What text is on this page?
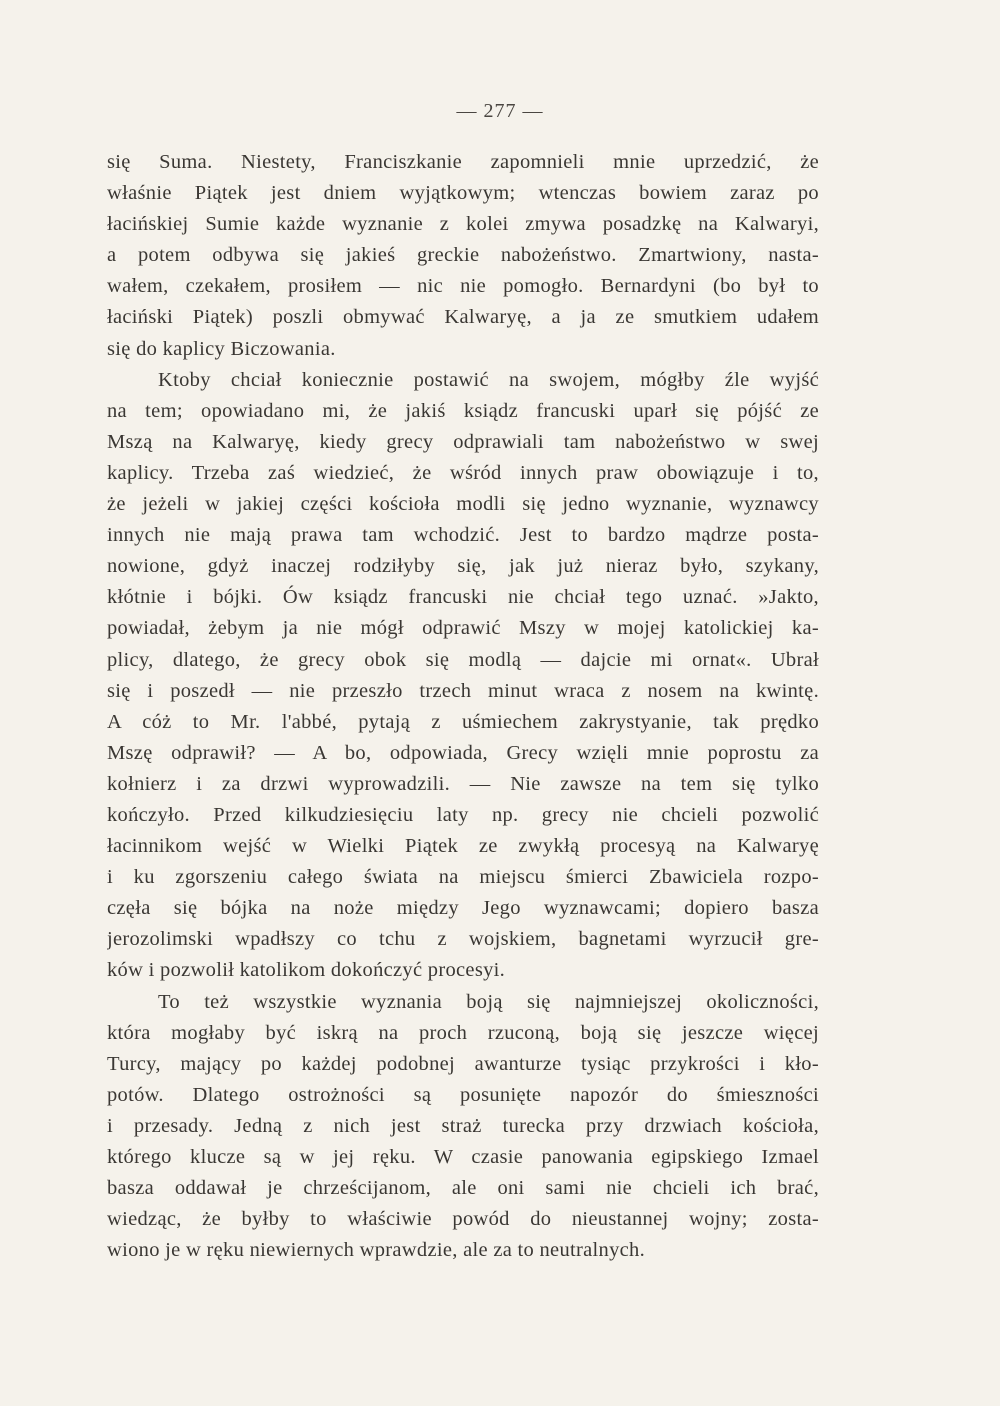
— 277 —
się Suma. Niestety, Franciszkanie zapomnieli mnie uprzedzić, że
właśnie Piątek jest dniem wyjątkowym; wtenczas bowiem zaraz po
łacińskiej Sumie każde wyznanie z kolei zmywa posadzkę na Kalwaryi,
a potem odbywa się jakieś greckie nabożeństwo. Zmartwiony, nasta-
wałem, czekałem, prosiłem — nic nie pomogło. Bernardyni (bo był to
łaciński Piątek) poszli obmywać Kalwaryę, a ja ze smutkiem udałem
się do kaplicy Biczowania.
Ktoby chciał koniecznie postawić na swojem, mógłby źle wyjść
na tem; opowiadano mi, że jakiś ksiądz francuski uparł się pójść ze
Mszą na Kalwaryę, kiedy grecy odprawiali tam nabożeństwo w swej
kaplicy. Trzeba zaś wiedzieć, że wśród innych praw obowiązuje i to,
że jeżeli w jakiej części kościoła modli się jedno wyznanie, wyznawcy
innych nie mają prawa tam wchodzić. Jest to bardzo mądrze posta-
nowione, gdyż inaczej rodziłyby się, jak już nieraz było, szykany,
kłótnie i bójki. Ów ksiądz francuski nie chciał tego uznać. »Jakto,
powiadał, żebym ja nie mógł odprawić Mszy w mojej katolickiej ka-
plicy, dlatego, że grecy obok się modlą — dajcie mi ornat«. Ubrał
się i poszedł — nie przeszło trzech minut wraca z nosem na kwintę.
A cóż to Mr. l'abbé, pytają z uśmiechem zakrystyanie, tak prędko
Mszę odprawił? — A bo, odpowiada, Grecy wzięli mnie poprostu za
kołnierz i za drzwi wyprowadzili. — Nie zawsze na tem się tylko
kończyło. Przed kilkudziesięciu laty np. grecy nie chcieli pozwolić
łacinnikom wejść w Wielki Piątek ze zwykłą procesyą na Kalwaryę
i ku zgorszeniu całego świata na miejscu śmierci Zbawiciela rozpo-
częła się bójka na noże między Jego wyznawcami; dopiero basza
jerozolimski wpadłszy co tchu z wojskiem, bagnetami wyrzucił gre-
ków i pozwolił katolikom dokończyć procesyi.
To też wszystkie wyznania boją się najmniejszej okoliczności,
która mogłaby być iskrą na proch rzuconą, boją się jeszcze więcej
Turcy, mający po każdej podobnej awanturze tysiąc przykrości i kło-
potów. Dlatego ostrożności są posunięte napozór do śmieszności
i przesady. Jedną z nich jest straż turecka przy drzwiach kościoła,
którego klucze są w jej ręku. W czasie panowania egipskiego Izmael
basza oddawał je chrześcijanom, ale oni sami nie chcieli ich brać,
wiedząc, że byłby to właściwie powód do nieustannej wojny; zosta-
wiono je w ręku niewiernych wprawdzie, ale za to neutralnych.
